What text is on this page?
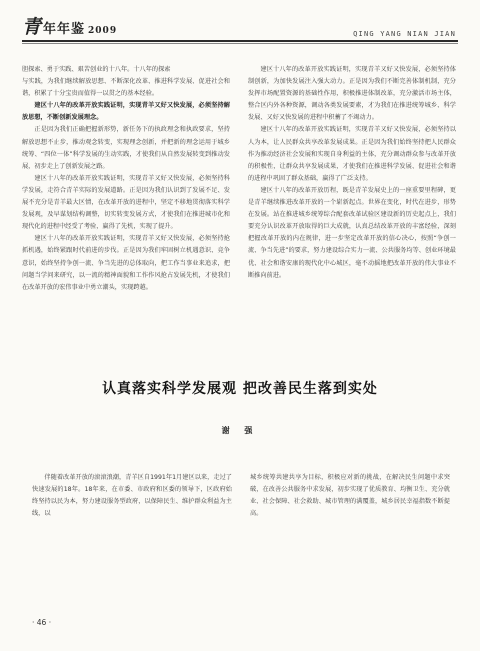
青年年鉴 2009	QING YANG NIAN JIAN

胆探索、勇于实践、艰苦创业的十八年。十八年的探索

与实践，为我们继续解放思想、不断深化改革、推进科学发展、促进社会和谐，积累了十分宝贵而值得一以贯之的基本经验。

建区十八年的改革开放实践证明，实现青羊又好又快发展，必须坚持解放思想，不断创新发展理念。

正是因为我们正确把握新形势，新任务下的执政理念和执政要求，坚持解放思想不止步，推动观念转变，实现理念创新，并把新的理念运用于城乡统筹、“四位一体”科学发展的生动实践，才使我们从自然发展转变到推动发展，初步走上了创新发展之路。

建区十八年的改革开放实践证明，实现青羊又好又快发展，必须坚持科学发展，走符合青羊实际的发展道路。正是因为我们认识到了发展不足、发展不充分是青羊最大区情，在改革开放的进程中，坚定不移地贯彻落实科学发展观，及早谋划结构调整，切实转变发展方式，才使我们在推进城市化和现代化的进程中经受了考验，赢得了先机，实现了提升。

建区十八年的改革开放实践证明，实现青羊又好又快发展，必须坚持抢抓机遇，始终紧跟时代前进的步伐。正是因为我们牢固树立机遇意识、竞争意识，始终坚持争创一流、争当先进的总体取向，把工作当事业来追求，把问题当学问来研究，以一流的精神面貌和工作作风抢占发展先机，才使我们在改革开放的宏伟事业中勇立潮头，实现跨越。

建区十八年的改革开放实践证明，实现青羊又好又快发展，必须坚持体制创新，为加快发展注入强大动力。正是因为我们不断完善体制机制，充分发挥市场配置资源的基础性作用，积极推进体制改革，充分激活市场主体，整合区内外各种资源，调动各类发展要素，才为我们在推进统筹城乡、科学发展、又好又快发展的进程中积蓄了不竭动力。

建区十八年的改革开放实践证明，实现青羊又好又快发展，必须坚持以人为本，让人民群众共享改革发展成果。正是因为我们始终坚持把人民群众作为推动经济社会发展和实现自身利益的主体，充分调动群众参与改革开放的积极性，让群众共享发展成果，才使我们在推进科学发展、促进社会和谐的进程中巩固了群众基础，赢得了广泛支持。

建区十八年的改革开放历程，既是青羊发展史上的一座重要里程碑，更是青羊继续推进改革开放的一个崭新起点。世界在变化，时代在进步，形势在发展。站在推进城乡统筹综合配套改革试验区建设新的历史起点上，我们要充分认识改革开放取得的巨大成就，认真总结改革开放的丰富经验，深刻把握改革开放的内在规律，进一步坚定改革开放的信心决心，按照“争创一流、争当先进”的要求，努力建设综合实力一流、公共服务均等、创业环境最优、社会和谐安康的现代化中心城区，毫不动摇地把改革开放的伟大事业不断推向前进。

认真落实科学发展观 把改善民生落到实处
谢 强

伴随着改革开放的滚滚浪潮，青羊区自1991年1月建区以来，走过了快速发展的18年。18年来，在市委、市政府和区委的领导下，区政府始终坚持以民为本，努力建设服务型政府，以保障民生、维护群众利益为主线，以

城乡统筹共建共享为目标，积极应对新的挑战，在解决民生问题中求突破，在改善公共服务中求发展，初步实现了优质教育、均衡卫生、充分就业、社会保障、社会救助、城市管理的满覆盖，城乡居民幸福指数不断提高。

· 46 ·
